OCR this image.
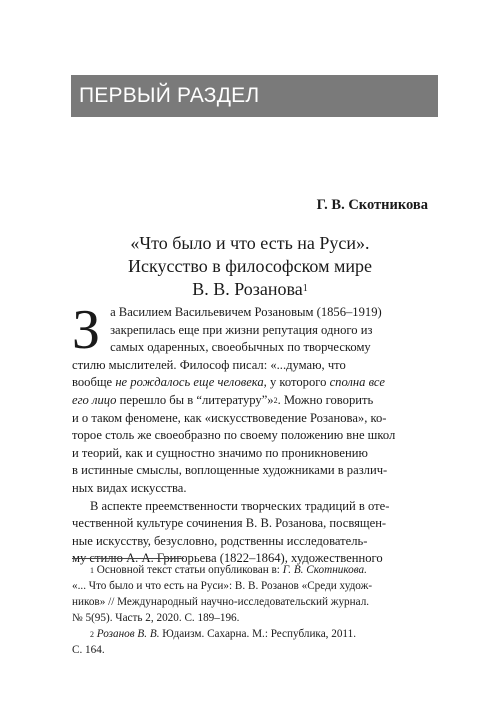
ПЕРВЫЙ РАЗДЕЛ
Г. В. Скотникова
«Что было и что есть на Руси».
Искусство в философском мире
В. В. Розанова$^1$
З а Василием Васильевичем Розановым (1856–1919)
закрепилась еще при жизни репутация одного из
самых одаренных, своеобычных по творческому
стилю мыслителей. Философ писал: «...думаю, что
вообще не рождалось еще человека, у которого сполна все
его лицо перешло бы в “литературу”»$^2$. Можно говорить
и о таком феномене, как «искусствоведение Розанова», ко-
торое столь же своеобразно по своему положению вне школ
и теорий, как и сущностно значимо по проникновению
в истинные смыслы, воплощенные художниками в различ-
ных видах искусства.
В аспекте преемственности творческих традиций в оте-
чественной культуре сочинения В. В. Розанова, посвящен-
ные искусству, безусловно, родственны исследователь-
му стилю А. А. Григорьева (1822–1864), художественного
$^1$ Основной текст статьи опубликован в: Г. В. Скотникова.
«... Что было и что есть на Руси»: В. В. Розанов «Среди худож-
ников» // Международный научно-исследовательский журнал.
№ 5(95). Часть 2, 2020. С. 189–196.
$^2$ Розанов В. В. Юдаизм. Сахарна. М.: Республика, 2011.
С. 164.
